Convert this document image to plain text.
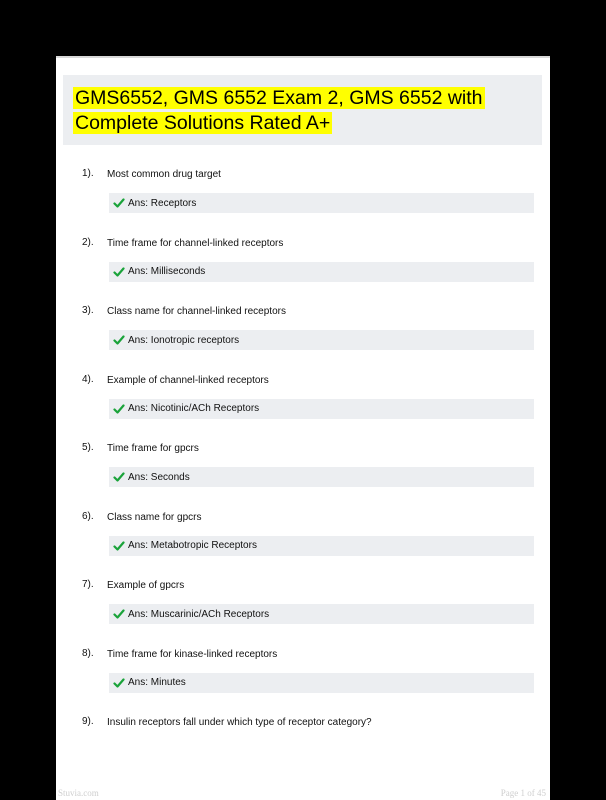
GMS6552, GMS 6552 Exam 2, GMS 6552 with Complete Solutions Rated A+
1). Most common drug target
Ans: Receptors
2). Time frame for channel-linked receptors
Ans: Milliseconds
3). Class name for channel-linked receptors
Ans: Ionotropic receptors
4). Example of channel-linked receptors
Ans: Nicotinic/ACh Receptors
5). Time frame for gpcrs
Ans: Seconds
6). Class name for gpcrs
Ans: Metabotropic Receptors
7). Example of gpcrs
Ans: Muscarinic/ACh Receptors
8). Time frame for kinase-linked receptors
Ans: Minutes
9). Insulin receptors fall under which type of receptor category?
Stuvia.com	Page 1 of 45
